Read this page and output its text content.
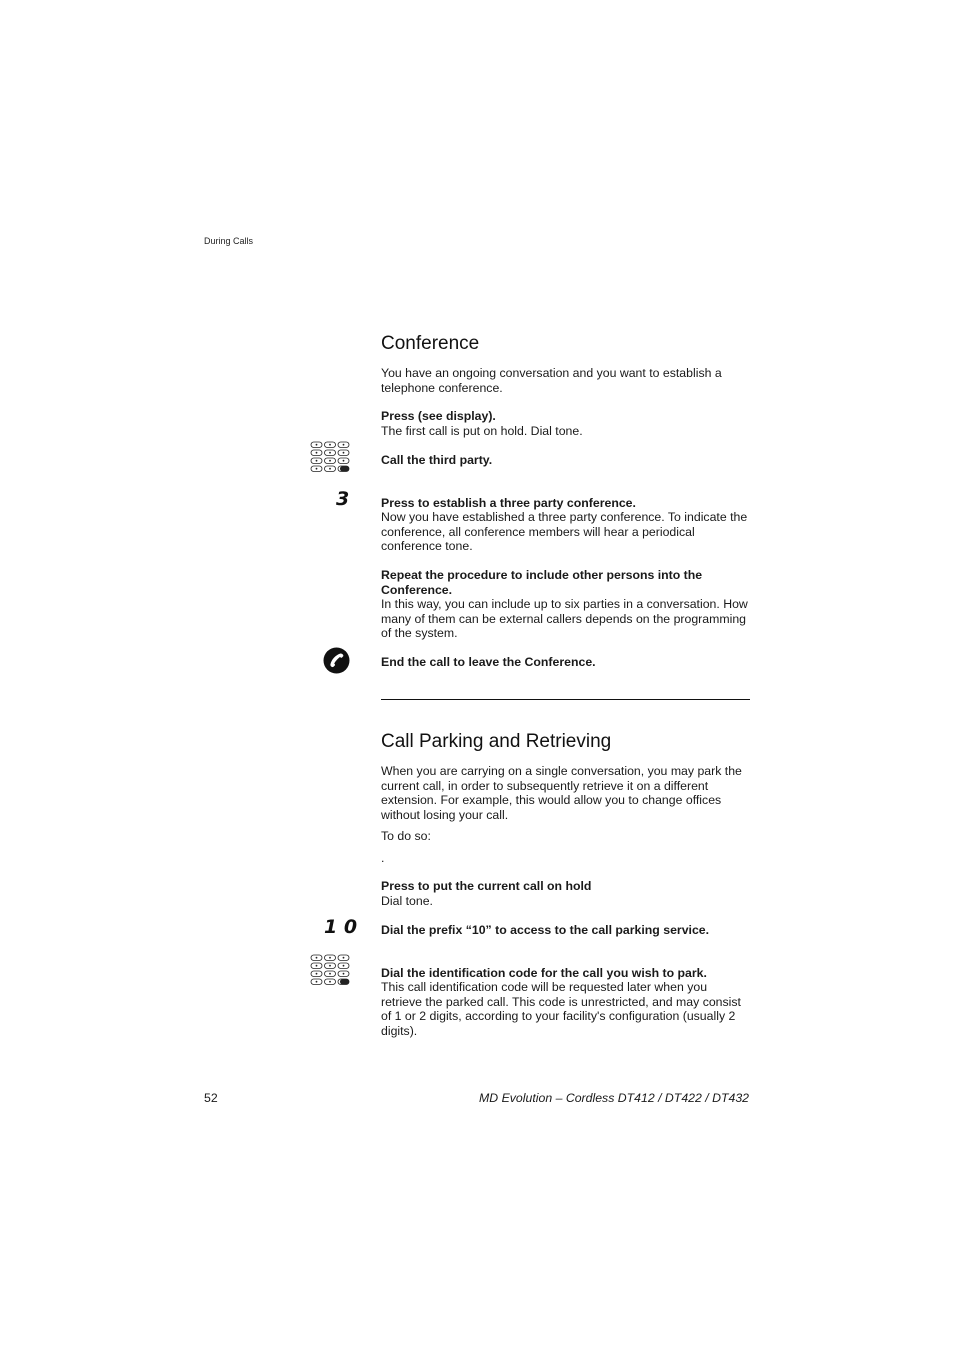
During Calls
Conference

You have an ongoing conversation and you want to establish a telephone conference.

Press (see display).

The first call is put on hold. Dial tone.

Call the third party.

3	Press to establish a three party conference.

Now you have established a three party conference. To indicate the conference, all conference members will hear a periodical conference tone.

Repeat the procedure to include other persons into the Conference.

In this way, you can include up to six parties in a conversation. How many of them can be external callers depends on the programming of the system.

End the call to leave the Conference.

Call Parking and Retrieving

When you are carrying on a single conversation, you may park the current call, in order to subsequently retrieve it on a different extension. For example, this would allow you to change offices without losing your call.

To do so:

.

Press to put the current call on hold

Dial tone.

1 0 Dial the prefix “10” to access to the call parking service.

Dial the identification code for the call you wish to park.

This call identification code will be requested later when you retrieve the parked call. This code is unrestricted, and may consist of 1 or 2 digits, according to your facility's configuration (usually 2 digits).

52	MD Evolution – Cordless DT412 / DT422 / DT432
